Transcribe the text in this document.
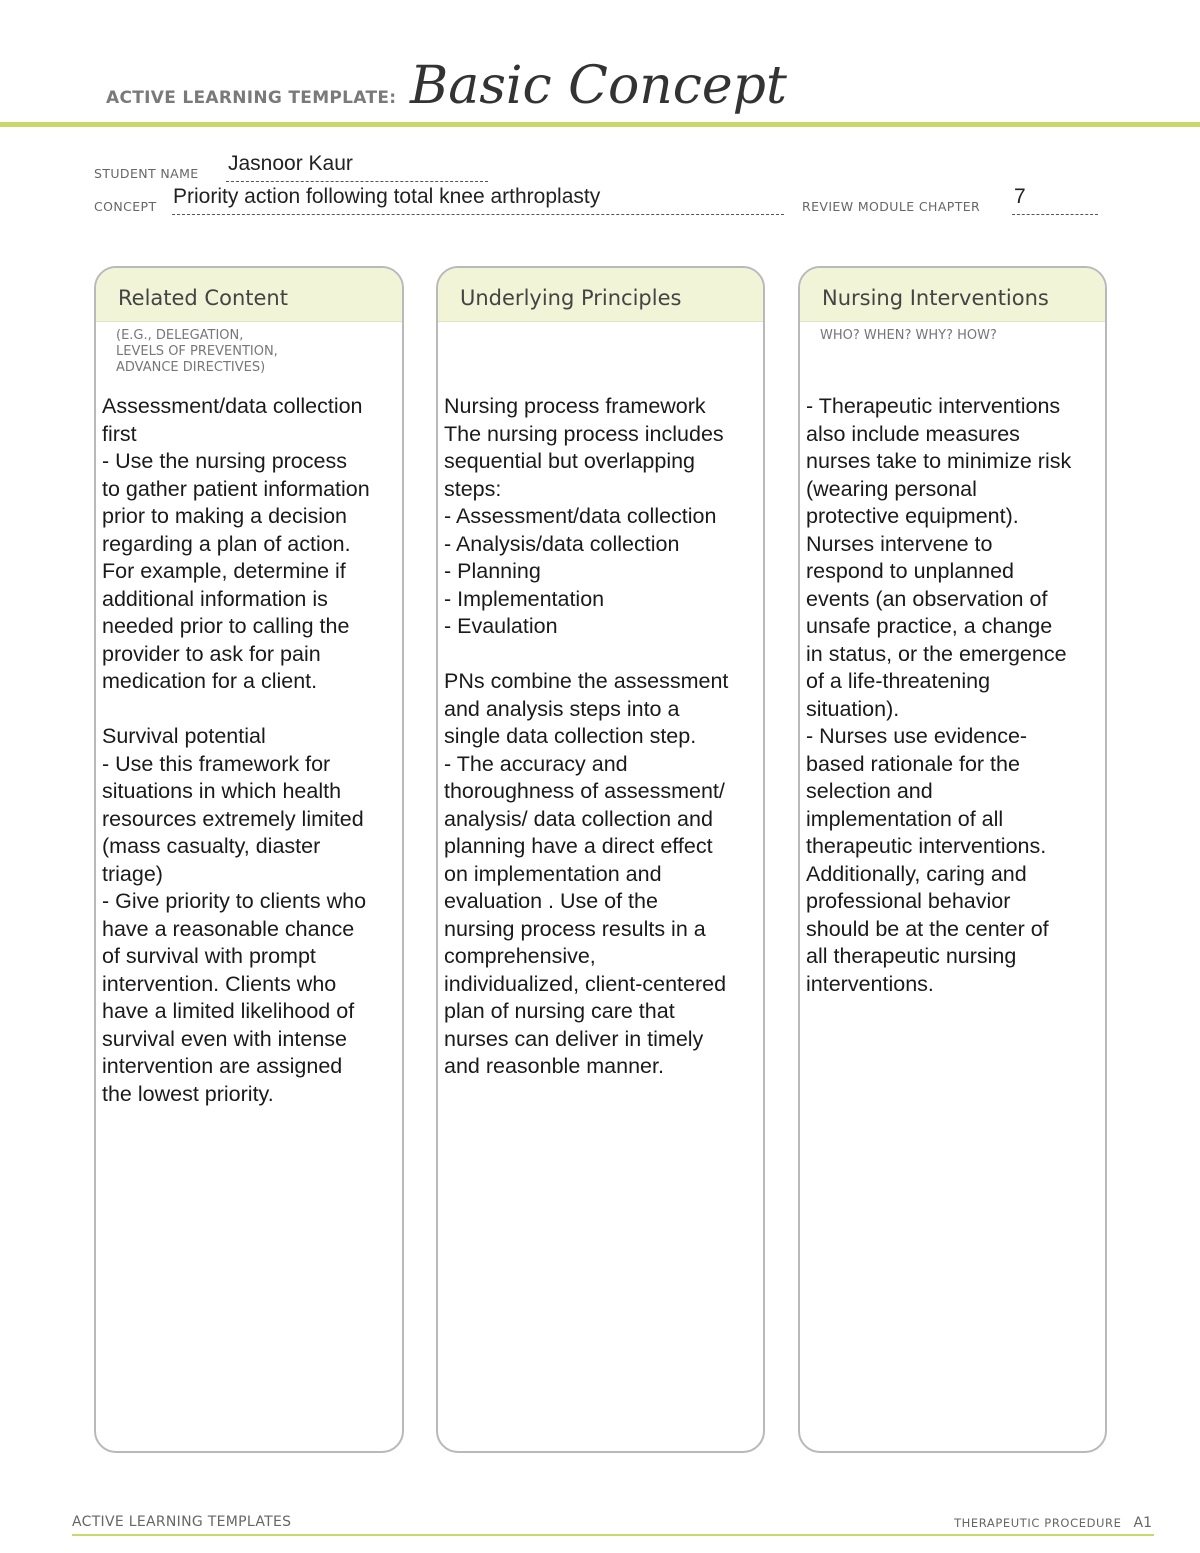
ACTIVE LEARNING TEMPLATE: Basic Concept
STUDENT NAME Jasnoor Kaur
CONCEPT Priority action following total knee arthroplasty	REVIEW MODULE CHAPTER 7
Related Content
(E.G., DELEGATION,
LEVELS OF PREVENTION,
ADVANCE DIRECTIVES)
Assessment/data collection
first
- Use the nursing process
to gather patient information
prior to making a decision
regarding a plan of action.
For example, determine if
additional information is
needed prior to calling the
provider to ask for pain
medication for a client.

Survival potential
- Use this framework for
situations in which health
resources extremely limited
(mass casualty, diaster
triage)
- Give priority to clients who
have a reasonable chance
of survival with prompt
intervention. Clients who
have a limited likelihood of
survival even with intense
intervention are assigned
the lowest priority.
Underlying Principles
Nursing process framework
The nursing process includes
sequential but overlapping
steps:
- Assessment/data collection
- Analysis/data collection
- Planning
- Implementation
- Evaulation

PNs combine the assessment
and analysis steps into a
single data collection step.
- The accuracy and
thoroughness of assessment/
analysis/ data collection and
planning have a direct effect
on implementation and
evaluation . Use of the
nursing process results in a
comprehensive,
individualized, client-centered
plan of nursing care that
nurses can deliver in timely
and reasonble manner.
Nursing Interventions
WHO? WHEN? WHY? HOW?
- Therapeutic interventions
also include measures
nurses take to minimize risk
(wearing personal
protective equipment).
Nurses intervene to
respond to unplanned
events (an observation of
unsafe practice, a change
in status, or the emergence
of a life-threatening
situation).
- Nurses use evidence-
based rationale for the
selection and
implementation of all
therapeutic interventions.
Additionally, caring and
professional behavior
should be at the center of
all therapeutic nursing
interventions.
ACTIVE LEARNING TEMPLATES	THERAPEUTIC PROCEDURE A1
